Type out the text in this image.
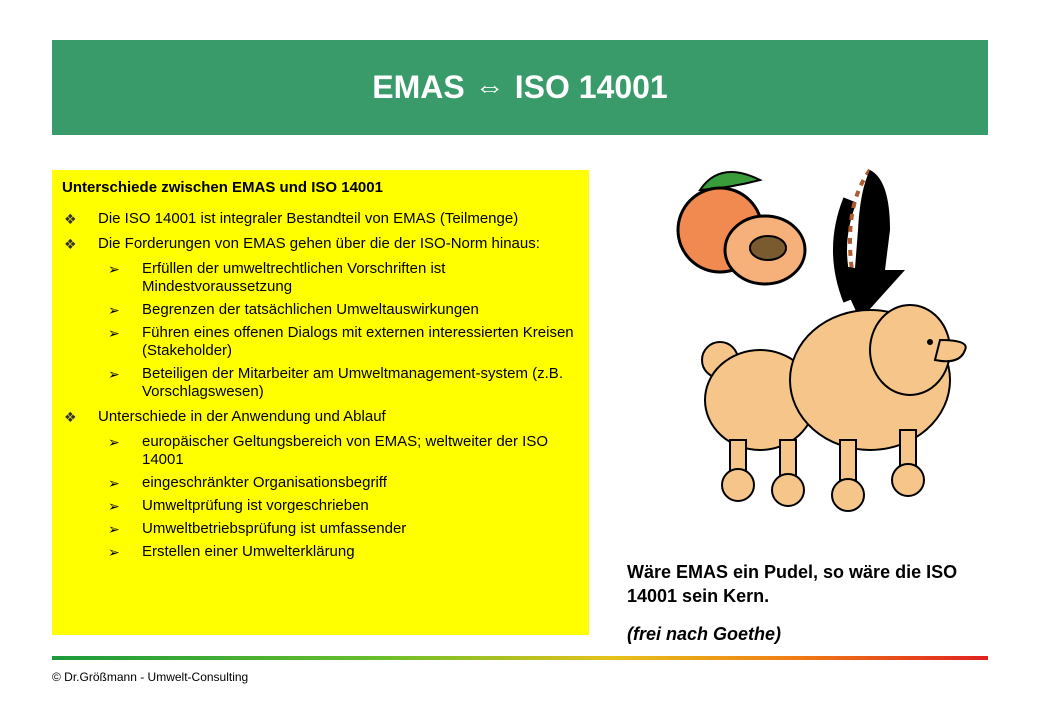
EMAS ⇔ ISO 14001
Unterschiede zwischen EMAS und ISO 14001
❖ Die ISO 14001 ist integraler Bestandteil von EMAS (Teilmenge)
❖ Die Forderungen von EMAS gehen über die der ISO-Norm hinaus:
➢ Erfüllen der umweltrechtlichen Vorschriften ist Mindestvoraussetzung
➢ Begrenzen der tatsächlichen Umweltauswirkungen
➢ Führen eines offenen Dialogs mit externen interessierten Kreisen (Stakeholder)
➢ Beteiligen der Mitarbeiter am Umweltmanagement-system (z.B. Vorschlagswesen)
❖ Unterschiede in der Anwendung und Ablauf
➢ europäischer Geltungsbereich von EMAS; weltweiter der ISO 14001
➢ eingeschränkter Organisationsbegriff
➢ Umweltprüfung ist vorgeschrieben
➢ Umweltbetriebsprüfung ist umfassender
➢ Erstellen einer Umwelterklärung
Wäre EMAS ein Pudel, so wäre die ISO 14001 sein Kern.
(frei nach Goethe)
© Dr.Größmann - Umwelt-Consulting
